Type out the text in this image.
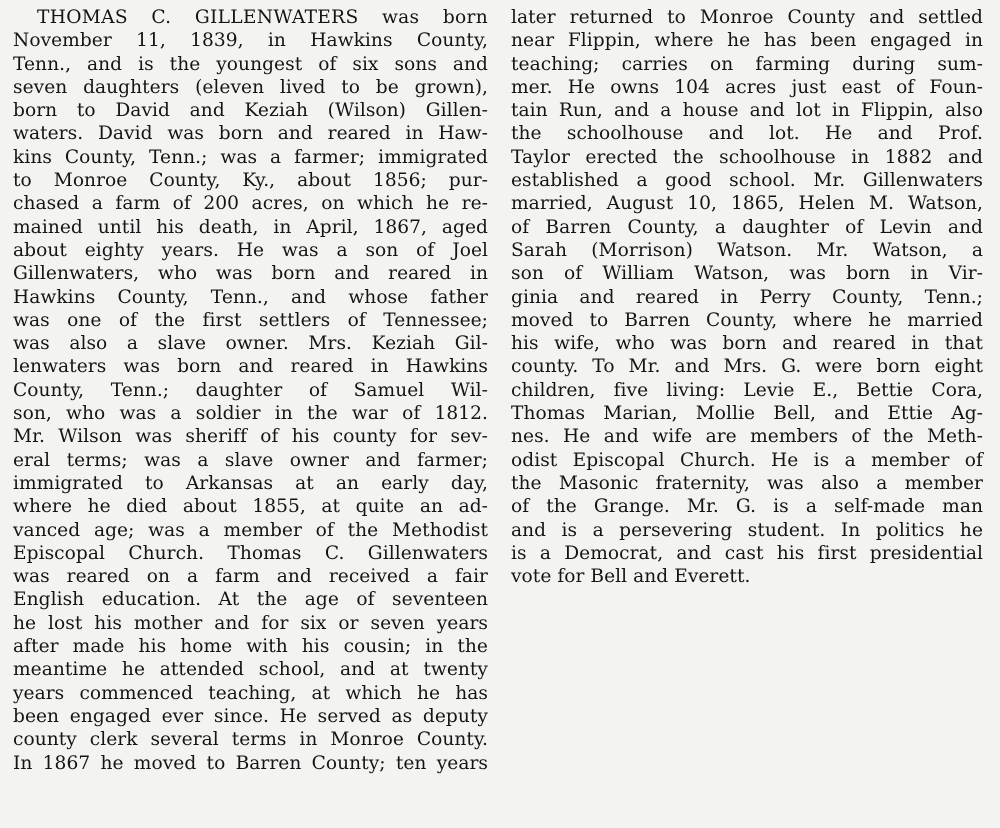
THOMAS C. GILLENWATERS was born
November 11, 1839, in Hawkins County,
Tenn., and is the youngest of six sons and
seven daughters (eleven lived to be grown),
born to David and Keziah (Wilson) Gillen-
waters. David was born and reared in Haw-
kins County, Tenn.; was a farmer; immigrated
to Monroe County, Ky., about 1856; pur-
chased a farm of 200 acres, on which he re-
mained until his death, in April, 1867, aged
about eighty years. He was a son of Joel
Gillenwaters, who was born and reared in
Hawkins County, Tenn., and whose father
was one of the first settlers of Tennessee;
was also a slave owner. Mrs. Keziah Gil-
lenwaters was born and reared in Hawkins
County, Tenn.; daughter of Samuel Wil-
son, who was a soldier in the war of 1812.
Mr. Wilson was sheriff of his county for sev-
eral terms; was a slave owner and farmer;
immigrated to Arkansas at an early day,
where he died about 1855, at quite an ad-
vanced age; was a member of the Methodist
Episcopal Church. Thomas C. Gillenwaters
was reared on a farm and received a fair
English education. At the age of seventeen
he lost his mother and for six or seven years
after made his home with his cousin; in the
meantime he attended school, and at twenty
years commenced teaching, at which he has
been engaged ever since. He served as deputy
county clerk several terms in Monroe County.
In 1867 he moved to Barren County; ten years
later returned to Monroe County and settled
near Flippin, where he has been engaged in
teaching; carries on farming during sum-
mer. He owns 104 acres just east of Foun-
tain Run, and a house and lot in Flippin, also
the schoolhouse and lot. He and Prof.
Taylor erected the schoolhouse in 1882 and
established a good school. Mr. Gillenwaters
married, August 10, 1865, Helen M. Watson,
of Barren County, a daughter of Levin and
Sarah (Morrison) Watson. Mr. Watson, a
son of William Watson, was born in Vir-
ginia and reared in Perry County, Tenn.;
moved to Barren County, where he married
his wife, who was born and reared in that
county. To Mr. and Mrs. G. were born eight
children, five living: Levie E., Bettie Cora,
Thomas Marian, Mollie Bell, and Ettie Ag-
nes. He and wife are members of the Meth-
odist Episcopal Church. He is a member of
the Masonic fraternity, was also a member
of the Grange. Mr. G. is a self-made man
and is a persevering student. In politics he
is a Democrat, and cast his first presidential
vote for Bell and Everett.
